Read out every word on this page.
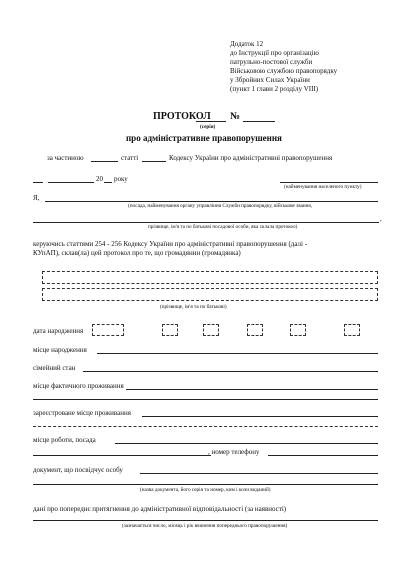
Додаток 12
до Інструкції про організацію
патрульно-постової служби
Військовою службою правопорядку
у Збройних Силах України
(пункт 1 глави 2 розділу VIII)
ПРОТОКОЛ №
(серія)
про адміністративне правопорушення
за частиною	статті	Кодексу України про адміністративні правопорушення
20 року
(найменування населеного пункту)
Я,
(посада, найменування органу управління Служби правопорядку, військове звання,
,
прізвище, ім'я та по батькові посадової особи, яка склала протокол)
керуючись статтями 254 - 256 Кодексу України про адміністративні правопорушення (далі -
КУпАП), склав(ла) цей протокол про те, що громадянин (громадянка)
(прізвище, ім'я та по батькові)
дата народження
місце народження
сімейний стан
місце фактичного проживання
зареєстроване місце проживання
місце роботи, посада
, номер телефону
документ, що посвідчує особу
(назва документа, його серія та номер, ким і коли виданий)
дані про попереднє притягнення до адміністративної відповідальності (за наявності)
(зазначається число, місяць і рік вчинення попереднього правопорушення)
